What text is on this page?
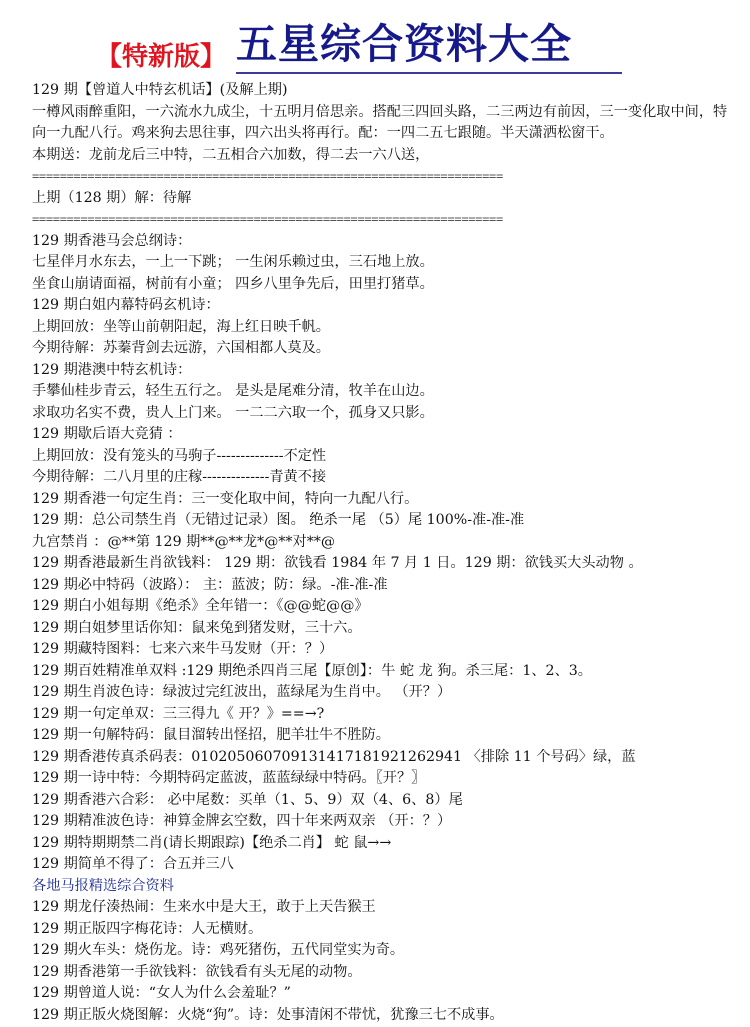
【特新版】 五星综合资料大全
129 期【曾道人中特玄机话】(及解上期)
一樽风雨醉重阳，一六流水九成尘，十五明月倍思亲。搭配三四回头路，二三两边有前因，三一变化取中间，特向一九配八行。鸡来狗去思往事，四六出头将再行。配：一四二五七跟随。半天潇洒松窗干。
本期送：龙前龙后三中特，二五相合六加数，得二去一六八送，
====================================================================
上期（128 期）解：待解
====================================================================
129 期香港马会总纲诗：
七星伴月水东去，一上一下跳； 一生闲乐赖过虫，三石地上放。
坐食山崩请面福，树前有小童； 四乡八里争先后，田里打猪草。
129 期白姐内幕特码玄机诗：
上期回放：坐等山前朝阳起，海上红日映千帆。
今期待解：苏蓁背剑去远游，六国相都人莫及。
129 期港澳中特玄机诗：
手攀仙桂步青云，轻生五行之。 是头是尾难分清，牧羊在山边。
求取功名实不费，贵人上门来。 一二二六取一个，孤身又只影。
129 期歇后语大竞猜 ：
上期回放：没有笼头的马驹子--------------不定性
今期待解：二八月里的庄稼--------------青黄不接
129 期香港一句定生肖：三一变化取中间，特向一九配八行。
129 期：总公司禁生肖（无错过记录）图。 绝杀一尾 （5）尾 100%-准-准-准
九宫禁肖 ：@**第 129 期**@**龙*@**对**@
129 期香港最新生肖欲钱料： 129 期：欲钱看 1984 年 7 月 1 日。129 期：欲钱买大头动物 。
129 期必中特码（波路）： 主：蓝波；防：绿。-准-准-准
129 期白小姐每期《绝杀》全年错一：《@@蛇@@》
129 期白姐梦里话你知：鼠来兔到猪发财，三十六。
129 期藏特图料：七来六来牛马发财（开：？）
129 期百姓精准单双料 :129 期绝杀四肖三尾【原创】：牛 蛇 龙 狗。杀三尾：1、2、3。
129 期生肖波色诗：绿波过完红波出，蓝绿尾为生肖中。 （开？）
129 期一句定单双：三三得九《 开？》==→?
129 期一句解特码：鼠目溜转出怪招，肥羊壮牛不胜防。
129 期香港传真杀码表：01020506070913141718192126294​1 〈排除 11 个号码〉绿，蓝
129 期一诗中特：今期特码定蓝波，蓝蓝绿绿中特码。〖开？〗
129 期香港六合彩： 必中尾数：买单（1、5、9）双（4、6、8）尾
129 期精准波色诗：神算金牌玄空数，四十年来两双亲 （开：？）
129 期特期期禁二肖(请长期跟踪)【绝杀二肖】 蛇 鼠→→
129 期简单不得了：合五并三八
各地马报精选综合资料
129 期龙仔湊热闹：生来水中是大王，敢于上天告猴王
129 期正版四字梅花诗：人无横财。
129 期火车头：烧伤龙。诗：鸡死猪伤，五代同堂实为奇。
129 期香港第一手欲钱料：欲钱看有头无尾的动物。
129 期曾道人说：“女人为什么会羞耻？”
129 期正版火烧图解：火烧“狗”。诗：处事清闲不带忧，犹豫三七不成事。
